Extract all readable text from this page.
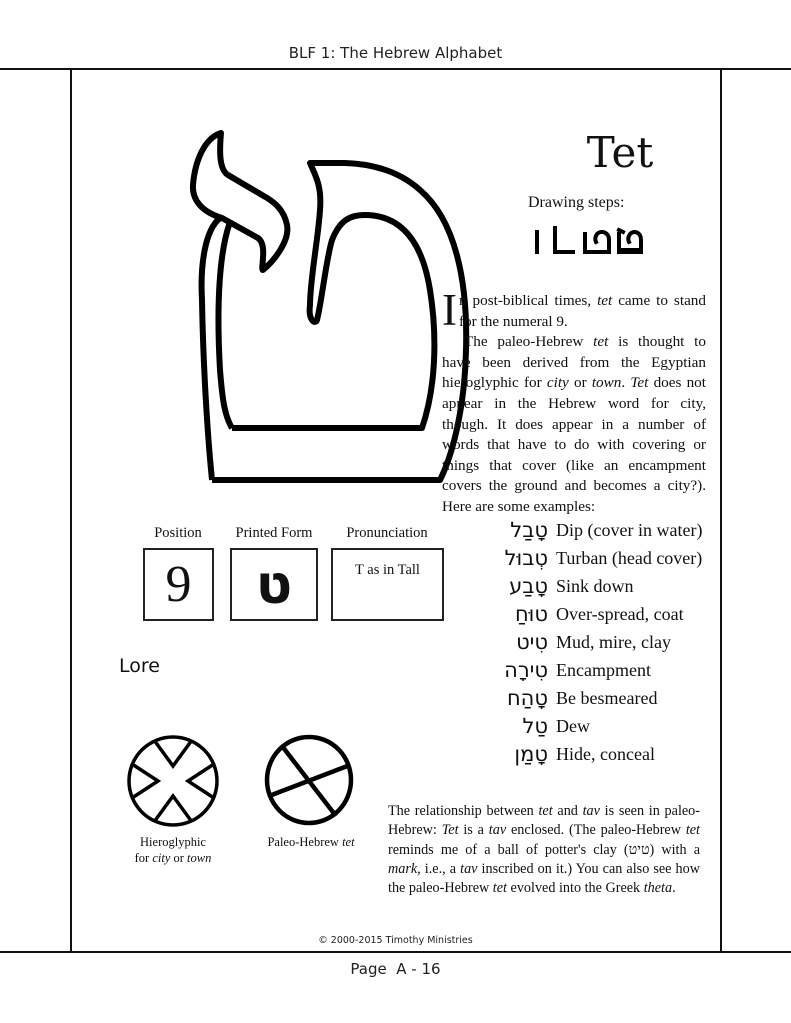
BLF 1: The Hebrew Alphabet
Tet
Drawing steps:

In post-biblical times, tet came to stand for the numeral 9.

The paleo-Hebrew tet is thought to have been derived from the Egyptian hieroglyphic for city or town. Tet does not appear in the Hebrew word for city, though. It does appear in a number of words that have to do with covering or things that cover (like an encampment covers the ground and becomes a city?). Here are some examples:

טָבַל Dip (cover in water)
טְבוּל Turban (head cover)
טָבַע Sink down
טוּחַ Over-spread, coat
טִיט Mud, mire, clay
טִירָה Encampment
טָהַח Be besmeared
טַל Dew
טָמַן Hide, conceal
Position	Printed Form	Pronunciation
9 ט	T as in Tall
Lore
Hieroglyphic
for city or town
Paleo-Hebrew tet
The relationship between tet and tav is seen in paleo-Hebrew: Tet is a tav enclosed. (The paleo-Hebrew tet reminds me of a ball of potter's clay (טיט) with a mark, i.e., a tav inscribed on it.) You can also see how the paleo-Hebrew tet evolved into the Greek theta.
© 2000-2015 Timothy Ministries
Page  A - 16
